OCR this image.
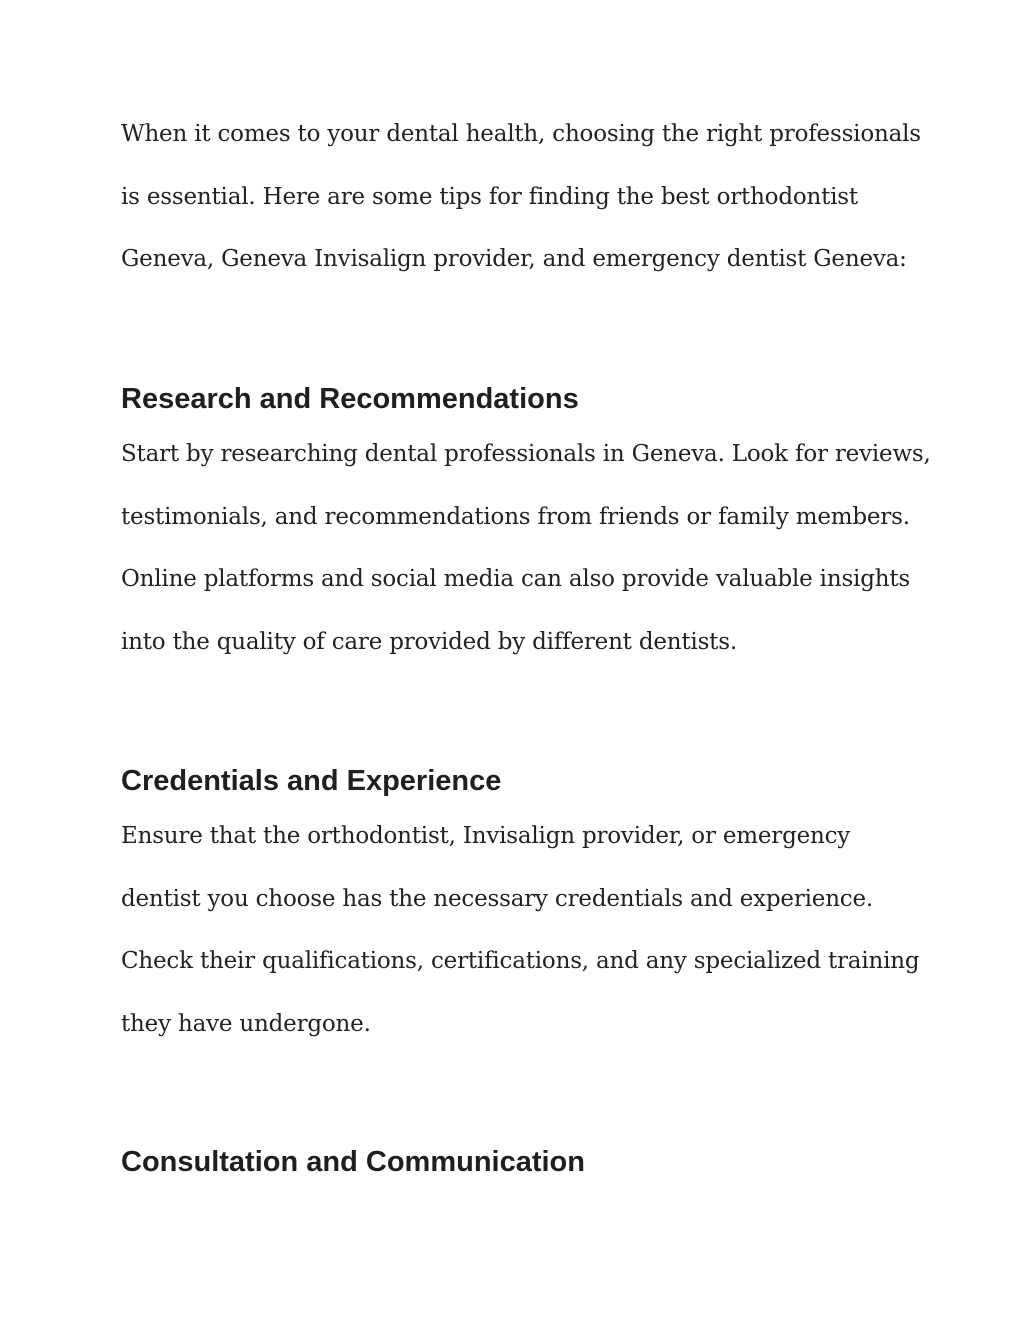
When it comes to your dental health, choosing the right professionals
is essential. Here are some tips for finding the best orthodontist
Geneva, Geneva Invisalign provider, and emergency dentist Geneva:

Research and Recommendations

Start by researching dental professionals in Geneva. Look for reviews,
testimonials, and recommendations from friends or family members.
Online platforms and social media can also provide valuable insights
into the quality of care provided by different dentists.

Credentials and Experience

Ensure that the orthodontist, Invisalign provider, or emergency
dentist you choose has the necessary credentials and experience.
Check their qualifications, certifications, and any specialized training
they have undergone.

Consultation and Communication
